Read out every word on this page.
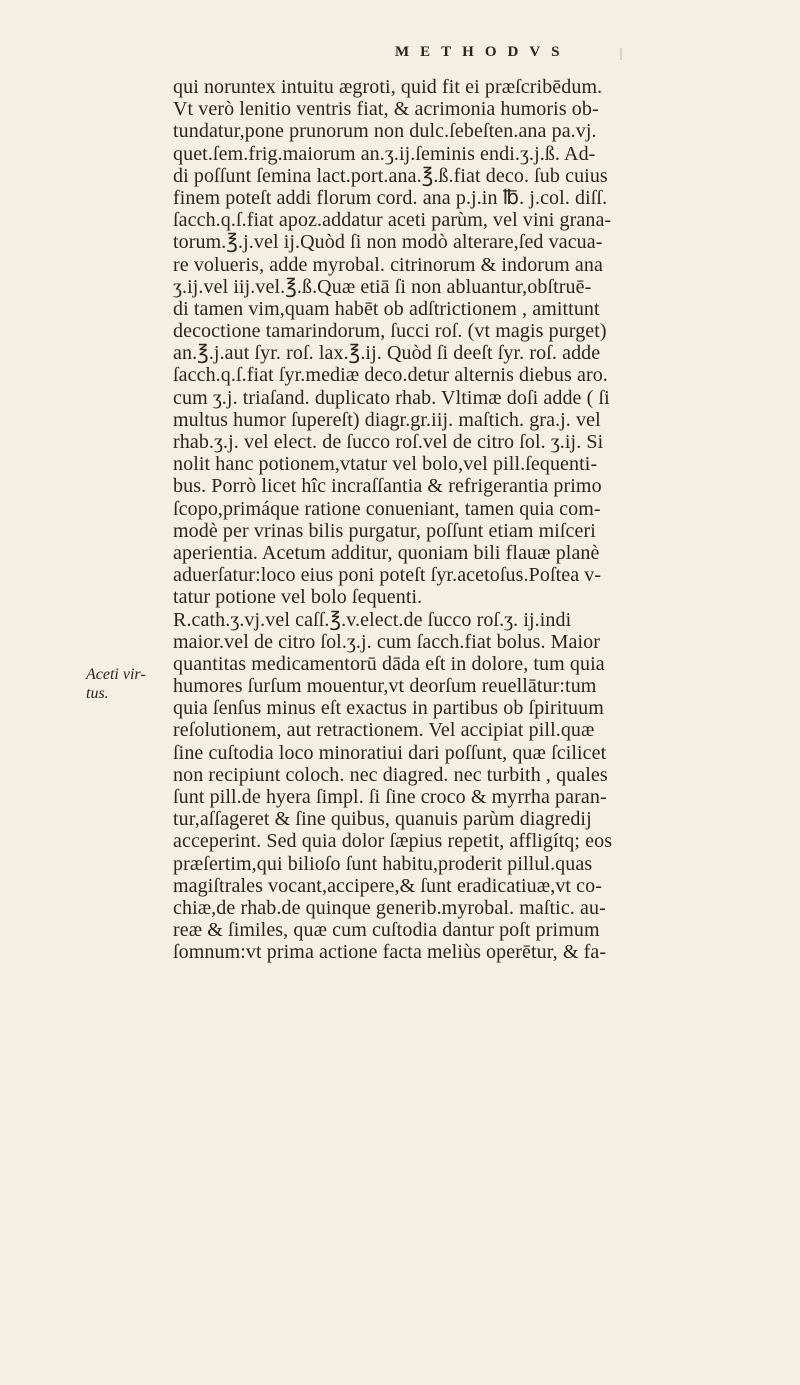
METHODVS
Aceti vir-
tus.
qui noruntex intuitu ægroti, quid fit ei præſcribēdum.
Vt verò lenitio ventris fiat, & acrimonia humoris ob-
tundatur,pone prunorum non dulc.ſebeſten.ana pa.vj.
quet.ſem.frig.maiorum an.ʒ.ij.ſeminis endi.ʒ.j.ß. Ad-
di poſſunt ſemina lact.port.ana.℥.ß.fiat deco. ſub cuius
finem poteſt addi florum cord. ana p.j.in ℔. j.col. diſſ.
ſacch.q.ſ.fiat apoz.addatur aceti parùm, vel vini grana-
torum.℥.j.vel ij.Quòd ſi non modò alterare,ſed vacua-
re volueris, adde myrobal. citrinorum & indorum ana
ʒ.ij.vel iij.vel.℥.ß.Quæ etiā ſi non abluantur,obſtruē-
di tamen vim,quam habēt ob adſtrictionem , amittunt
decoctione tamarindorum, ſucci roſ. (vt magis purget)
an.℥.j.aut ſyr. roſ. lax.℥.ij. Quòd ſi deeſt ſyr. roſ. adde
ſacch.q.ſ.fiat ſyr.mediæ deco.detur alternis diebus aro.
cum ʒ.j. triaſand. duplicato rhab. Vltimæ doſi adde ( ſi
multus humor ſupereſt) diagr.gr.iij. maſtich. gra.j. vel
rhab.ʒ.j. vel elect. de ſucco roſ.vel de citro ſol. ʒ.ij. Si
nolit hanc potionem,vtatur vel bolo,vel pill.ſequenti-
bus. Porrò licet hîc incraſſantia & refrigerantia primo
ſcopo,primáque ratione conueniant, tamen quia com-
modè per vrinas bilis purgatur, poſſunt etiam miſceri
aperientia. Acetum additur, quoniam bili flauæ planè
aduerſatur:loco eius poni poteſt ſyr.acetoſus.Poſtea v-
tatur potione vel bolo ſequenti.
R.cath.ʒ.vj.vel caſſ.℥.v.elect.de ſucco roſ.ʒ. ij.indi
maior.vel de citro ſol.ʒ.j. cum ſacch.fiat bolus. Maior
quantitas medicamentorū dāda eſt in dolore, tum quia
humores ſurſum mouentur,vt deorſum reuellātur:tum
quia ſenſus minus eſt exactus in partibus ob ſpirituum
reſolutionem, aut retractionem. Vel accipiat pill.quæ
ſine cuſtodia loco minoratiui dari poſſunt, quæ ſcilicet
non recipiunt coloch. nec diagred. nec turbith , quales
ſunt pill.de hyera ſimpl. ſi ſine croco & myrrha paran-
tur,aſſageret & ſine quibus, quanuis parùm diagredij
acceperint. Sed quia dolor ſæpius repetit, affligítq; eos
præſertim,qui bilioſo ſunt habitu,proderit pillul.quas
magiſtrales vocant,accipere,& ſunt eradicatiuæ,vt co-
chiæ,de rhab.de quinque generib.myrobal. maſtic. au-
reæ & ſimiles, quæ cum cuſtodia dantur poſt primum
ſomnum:vt prima actione facta meliùs operētur, & fa-
